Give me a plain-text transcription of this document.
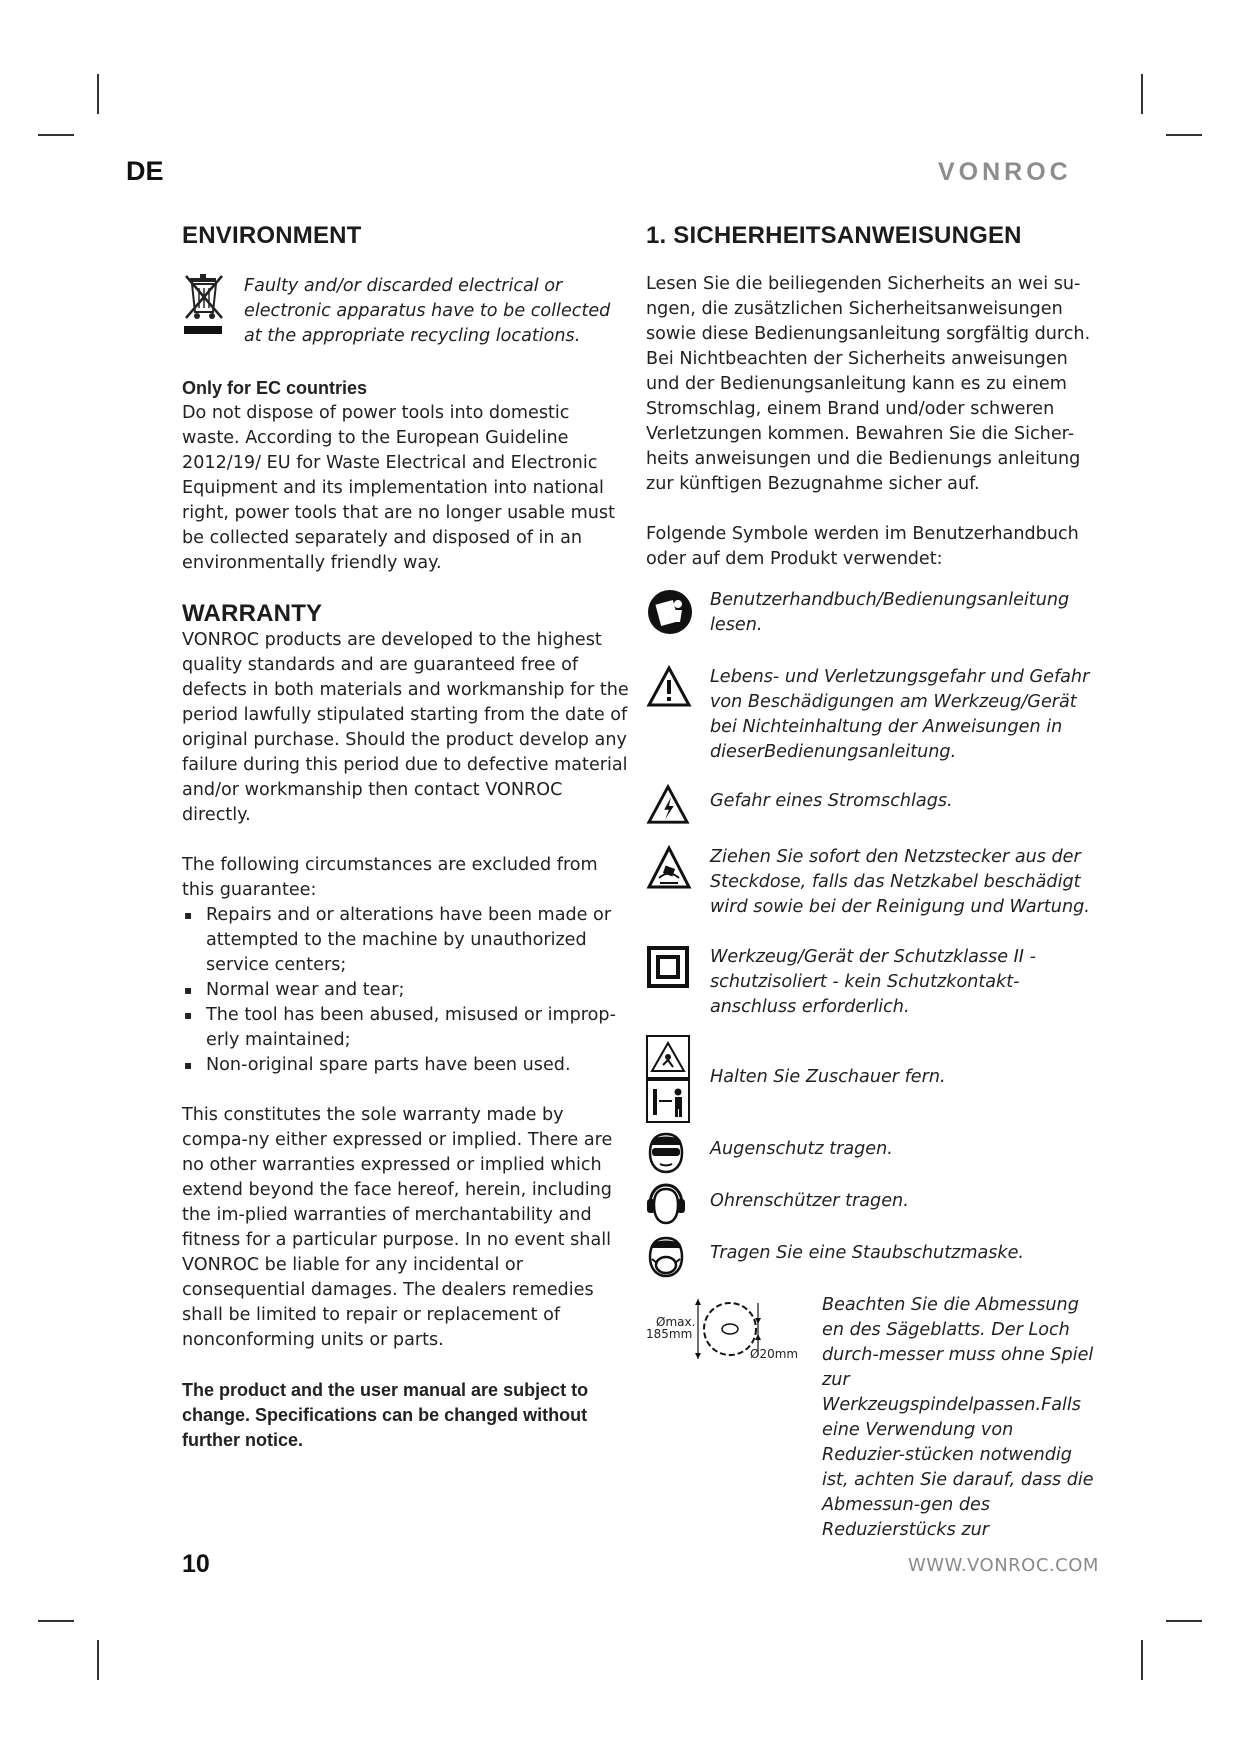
DE	VONROC
ENVIRONMENT

Faulty and/or discarded electrical or electronic apparatus have to be collected at the appropriate recycling locations.

Only for EC countries

Do not dispose of power tools into domestic waste. According to the European Guideline 2012/19/ EU for Waste Electrical and Electronic Equipment and its implementation into national right, power tools that are no longer usable must be collected separately and disposed of in an environmentally friendly way.

WARRANTY

VONROC products are developed to the highest quality standards and are guaranteed free of defects in both materials and workmanship for the period lawfully stipulated starting from the date of original purchase. Should the product develop any failure during this period due to defective material and/or workmanship then contact VONROC directly.

The following circumstances are excluded from this guarantee:

▪ Repairs and or alterations have been made or attempted to the machine by unauthorized service centers;
▪ Normal wear and tear;
▪ The tool has been abused, misused or improp-erly maintained;
▪ Non-original spare parts have been used.

This constitutes the sole warranty made by compa-ny either expressed or implied. There are no other warranties expressed or implied which extend beyond the face hereof, herein, including the im-plied warranties of merchantability and fitness for a particular purpose. In no event shall VONROC be liable for any incidental or consequential damages. The dealers remedies shall be limited to repair or replacement of nonconforming units or parts.

The product and the user manual are subject to change. Specifications can be changed without further notice.

1. SICHERHEITSANWEISUNGEN

Lesen Sie die beiliegenden Sicherheits an wei su-ngen, die zusätzlichen Sicherheitsanweisungen sowie diese Bedienungsanleitung sorgfältig durch. Bei Nichtbeachten der Sicherheits anweisungen und der Bedienungsanleitung kann es zu einem Stromschlag, einem Brand und/oder schweren Verletzungen kommen. Bewahren Sie die Sicher-heits anweisungen und die Bedienungs anleitung zur künftigen Bezugnahme sicher auf.

Folgende Symbole werden im Benutzerhandbuch oder auf dem Produkt verwendet:

Benutzerhandbuch/Bedienungsanleitung lesen.

Lebens- und Verletzungsgefahr und Gefahr von Beschädigungen am Werkzeug/Gerät bei Nichteinhaltung der Anweisungen in dieserBedienungsanleitung.

Gefahr eines Stromschlags.

Ziehen Sie sofort den Netzstecker aus der Steckdose, falls das Netzkabel beschädigt wird sowie bei der Reinigung und Wartung.

Werkzeug/Gerät der Schutzklasse II - schutzisoliert - kein Schutzkontakt-anschluss erforderlich.

Halten Sie Zuschauer fern.

Augenschutz tragen.

Ohrenschützer tragen.

Tragen Sie eine Staubschutzmaske.

Ømax.
185mm
Ø20mm

Beachten Sie die Abmessung en des Sägeblatts. Der Loch durch-messer muss ohne Spiel zur Werkzeugspindelpassen.Falls eine Verwendung von Reduzier-stücken notwendig ist, achten Sie darauf, dass die Abmessun-gen des Reduzierstücks zur

10	WWW.VONROC.COM
